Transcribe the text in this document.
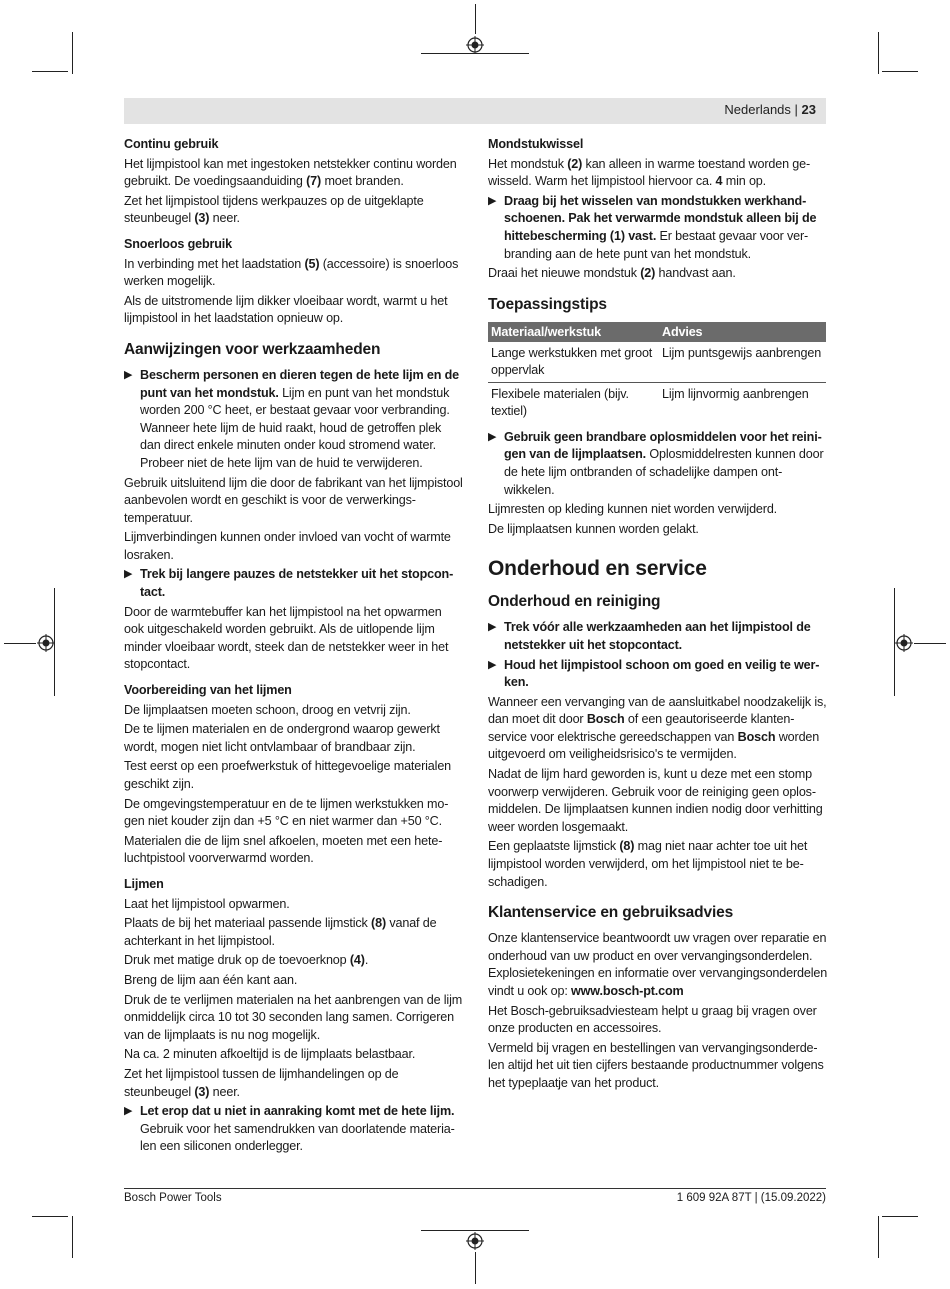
Nederlands | 23
Continu gebruik
Het lijmpistool kan met ingestoken netstekker continu worden gebruikt. De voedingsaanduiding (7) moet branden.
Zet het lijmpistool tijdens werkpauzes op de uitgeklapte steunbeugel (3) neer.
Snoerloos gebruik
In verbinding met het laadstation (5) (accessoire) is snoerloos werken mogelijk.
Als de uitstromende lijm dikker vloeibaar wordt, warmt u het lijmpistool in het laadstation opnieuw op.
Aanwijzingen voor werkzaamheden
▶ Bescherm personen en dieren tegen de hete lijm en de punt van het mondstuk. Lijm en punt van het mondstuk worden 200 °C heet, er bestaat gevaar voor verbranding. Wanneer hete lijm de huid raakt, houd de getroffen plek dan direct enkele minuten onder koud stromend water. Probeer niet de hete lijm van de huid te verwijderen.
Gebruik uitsluitend lijm die door de fabrikant van het lijmpistool aanbevolen wordt en geschikt is voor de verwerkingstemperatuur.
Lijmverbindingen kunnen onder invloed van vocht of warmte losraken.
▶ Trek bij langere pauzes de netstekker uit het stopcontact.
Door de warmtebuffer kan het lijmpistool na het opwarmen ook uitgeschakeld worden gebruikt. Als de uitlopende lijm minder vloeibaar wordt, steek dan de netstekker weer in het stopcontact.
Voorbereiding van het lijmen
De lijmplaatsen moeten schoon, droog en vetvrij zijn.
De te lijmen materialen en de ondergrond waarop gewerkt wordt, mogen niet licht ontvlambaar of brandbaar zijn.
Test eerst op een proefwerkstuk of hittegevoelige materialen geschikt zijn.
De omgevingstemperatuur en de te lijmen werkstukken mogen niet kouder zijn dan +5 °C en niet warmer dan +50 °C.
Materialen die de lijm snel afkoelen, moeten met een heteluchtpistool voorverwarmd worden.
Lijmen
Laat het lijmpistool opwarmen.
Plaats de bij het materiaal passende lijmstick (8) vanaf de achterkant in het lijmpistool.
Druk met matige druk op de toevoerknop (4).
Breng de lijm aan één kant aan.
Druk de te verlijmen materialen na het aanbrengen van de lijm onmiddelijk circa 10 tot 30 seconden lang samen. Corrigeren van de lijmplaats is nu nog mogelijk.
Na ca. 2 minuten afkoeltijd is de lijmplaats belastbaar.
Zet het lijmpistool tussen de lijmhandelingen op de steunbeugel (3) neer.
▶ Let erop dat u niet in aanraking komt met de hete lijm. Gebruik voor het samendrukken van doorlatende materialen een siliconen onderlegger.
Mondstukwissel
Het mondstuk (2) kan alleen in warme toestand worden gewisseld. Warm het lijmpistool hiervoor ca. 4 min op.
▶ Draag bij het wisselen van mondstukken werkhandschoenen. Pak het verwarmde mondstuk alleen bij de hittebescherming (1) vast. Er bestaat gevaar voor verbranding aan de hete punt van het mondstuk.
Draai het nieuwe mondstuk (2) handvast aan.
Toepassingstips
Materiaal/werkstuk	Advies
Lange werkstukken met groot oppervlak	Lijm puntsgewijs aanbrengen
Flexibele materialen (bijv. textiel)	Lijm lijnvormig aanbrengen
▶ Gebruik geen brandbare oplosmiddelen voor het reinigen van de lijmplaatsen. Oplosmiddelresten kunnen door de hete lijm ontbranden of schadelijke dampen ontwikkelen.
Lijmresten op kleding kunnen niet worden verwijderd.
De lijmplaatsen kunnen worden gelakt.
Onderhoud en service
Onderhoud en reiniging
▶ Trek vóór alle werkzaamheden aan het lijmpistool de netstekker uit het stopcontact.
▶ Houd het lijmpistool schoon om goed en veilig te werken.
Wanneer een vervanging van de aansluitkabel noodzakelijk is, dan moet dit door Bosch of een geautoriseerde klantenservice voor elektrische gereedschappen van Bosch worden uitgevoerd om veiligheidsrisico's te vermijden.
Nadat de lijm hard geworden is, kunt u deze met een stomp voorwerp verwijderen. Gebruik voor de reiniging geen oplosmiddelen. De lijmplaatsen kunnen indien nodig door verhitting weer worden losgemaakt.
Een geplaatste lijmstick (8) mag niet naar achter toe uit het lijmpistool worden verwijderd, om het lijmpistool niet te beschadigen.
Klantenservice en gebruiksadvies
Onze klantenservice beantwoordt uw vragen over reparatie en onderhoud van uw product en over vervangingsonderdelen. Explosietekeningen en informatie over vervangingsonderdelen vindt u ook op: www.bosch-pt.com
Het Bosch-gebruiksadviesteam helpt u graag bij vragen over onze producten en accessoires.
Vermeld bij vragen en bestellingen van vervangingsonderdelen altijd het uit tien cijfers bestaande productnummer volgens het typeplaatje van het product.
Bosch Power Tools	1 609 92A 87T | (15.09.2022)
